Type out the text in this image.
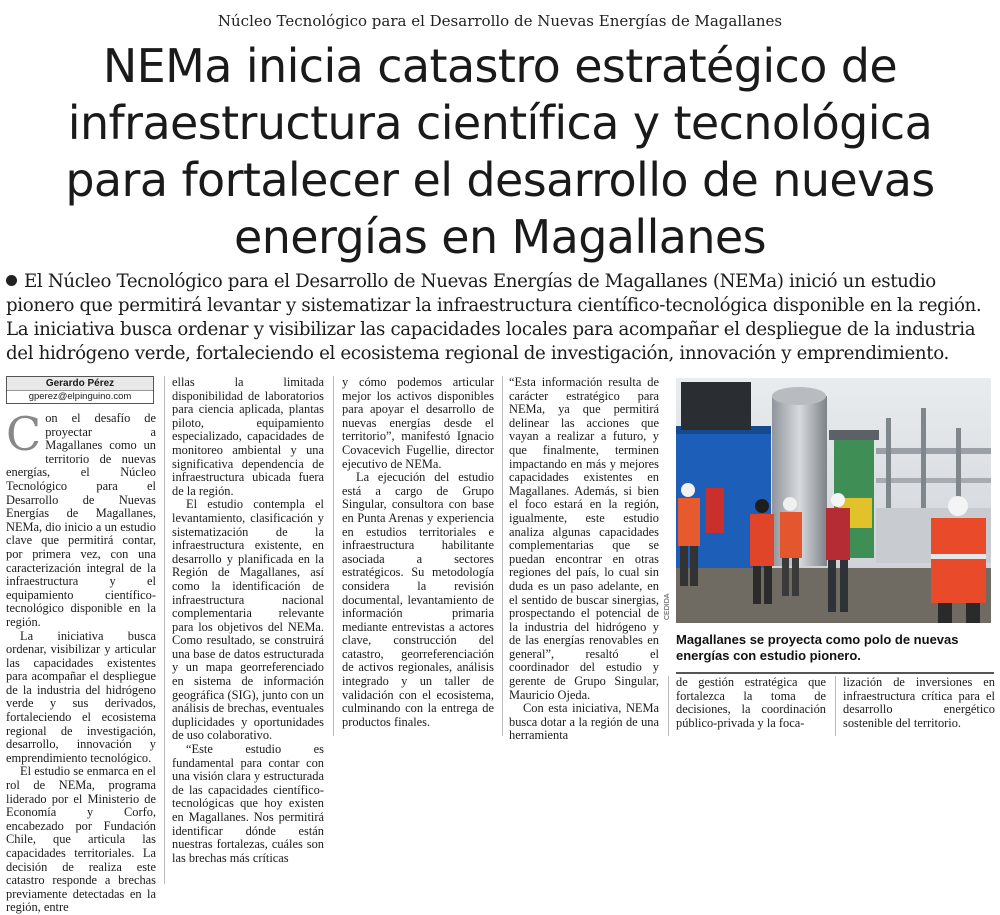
Núcleo Tecnológico para el Desarrollo de Nuevas Energías de Magallanes
NEMa inicia catastro estratégico de
infraestructura científica y tecnológica
para fortalecer el desarrollo de nuevas
energías en Magallanes

El Núcleo Tecnológico para el Desarrollo de Nuevas Energías de Magallanes (NEMa) inició un estudio pionero que permitirá levantar y sistematizar la infraestructura científico-tecnológica disponible en la región. La iniciativa busca ordenar y visibilizar las capacidades locales para acompañar el despliegue de la industria del hidrógeno verde, fortaleciendo el ecosistema regional de investigación, innovación y emprendimiento.

Gerardo Pérez
gperez@elpinguino.com

Con el desafío de proyectar a Magallanes como un territorio de nuevas energías, el Núcleo Tecnológico para el Desarrollo de Nuevas Energías de Magallanes, NEMa, dio inicio a un estudio clave que permitirá contar, por primera vez, con una caracterización integral de la infraestructura y el equipamiento científico-tecnológico disponible en la región.

La iniciativa busca ordenar, visibilizar y articular las capacidades existentes para acompañar el despliegue de la industria del hidrógeno verde y sus derivados, fortaleciendo el ecosistema regional de investigación, desarrollo, innovación y emprendimiento tecnológico.

El estudio se enmarca en el rol de NEMa, programa liderado por el Ministerio de Economía y Corfo, encabezado por Fundación Chile, que articula las capacidades territoriales. La decisión de realiza este catastro responde a brechas previamente detectadas en la región, entre

ellas la limitada disponibilidad de laboratorios para ciencia aplicada, plantas piloto, equipamiento especializado, capacidades de monitoreo ambiental y una significativa dependencia de infraestructura ubicada fuera de la región.

El estudio contempla el levantamiento, clasificación y sistematización de la infraestructura existente, en desarrollo y planificada en la Región de Magallanes, así como la identificación de infraestructura nacional complementaria relevante para los objetivos del NEMa. Como resultado, se construirá una base de datos estructurada y un mapa georreferenciado en sistema de información geográfica (SIG), junto con un análisis de brechas, eventuales duplicidades y oportunidades de uso colaborativo.

“Este estudio es fundamental para contar con una visión clara y estructurada de las capacidades científico-tecnológicas que hoy existen en Magallanes. Nos permitirá identificar dónde están nuestras fortalezas, cuáles son las brechas más críticas

y cómo podemos articular mejor los activos disponibles para apoyar el desarrollo de nuevas energías desde el territorio”, manifestó Ignacio Covacevich Fugellie, director ejecutivo de NEMa.

La ejecución del estudio está a cargo de Grupo Singular, consultora con base en Punta Arenas y experiencia en estudios territoriales e infraestructura habilitante asociada a sectores estratégicos. Su metodología considera la revisión documental, levantamiento de información primaria mediante entrevistas a actores clave, construcción del catastro, georreferenciación de activos regionales, análisis integrado y un taller de validación con el ecosistema, culminando con la entrega de productos finales.

“Esta información resulta de carácter estratégico para NEMa, ya que permitirá delinear las acciones que vayan a realizar a futuro, y que finalmente, terminen impactando en más y mejores capacidades existentes en Magallanes. Además, si bien el foco estará en la región, igualmente, este estudio analiza algunas capacidades complementarias que se puedan encontrar en otras regiones del país, lo cual sin duda es un paso adelante, en el sentido de buscar sinergias, prospectando el potencial de la industria del hidrógeno y de las energías renovables en general”, resaltó el coordinador del estudio y gerente de Grupo Singular, Mauricio Ojeda.

Con esta iniciativa, NEMa busca dotar a la región de una herramienta

CEDIDA

Magallanes se proyecta como polo de nuevas energías con estudio pionero.

de gestión estratégica que fortalezca la toma de decisiones, la coordinación público-privada y la foca-

lización de inversiones en infraestructura crítica para el desarrollo energético sostenible del territorio.
